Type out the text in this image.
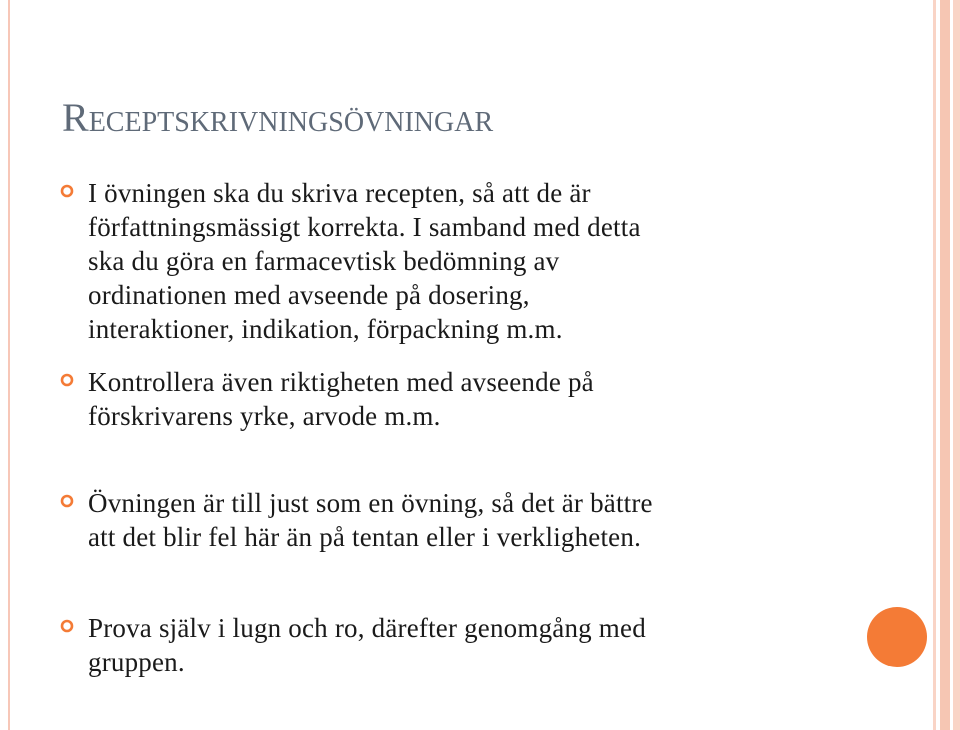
RECEPTSKRIVNINGSÖVNINGAR
I övningen ska du skriva recepten, så att de är
författningsmässigt korrekta. I samband med detta
ska du göra en farmacevtisk bedömning av
ordinationen med avseende på dosering,
interaktioner, indikation, förpackning m.m.
Kontrollera även riktigheten med avseende på
förskrivarens yrke, arvode m.m.
Övningen är till just som en övning, så det är bättre
att det blir fel här än på tentan eller i verkligheten.
Prova själv i lugn och ro, därefter genomgång med
gruppen.
